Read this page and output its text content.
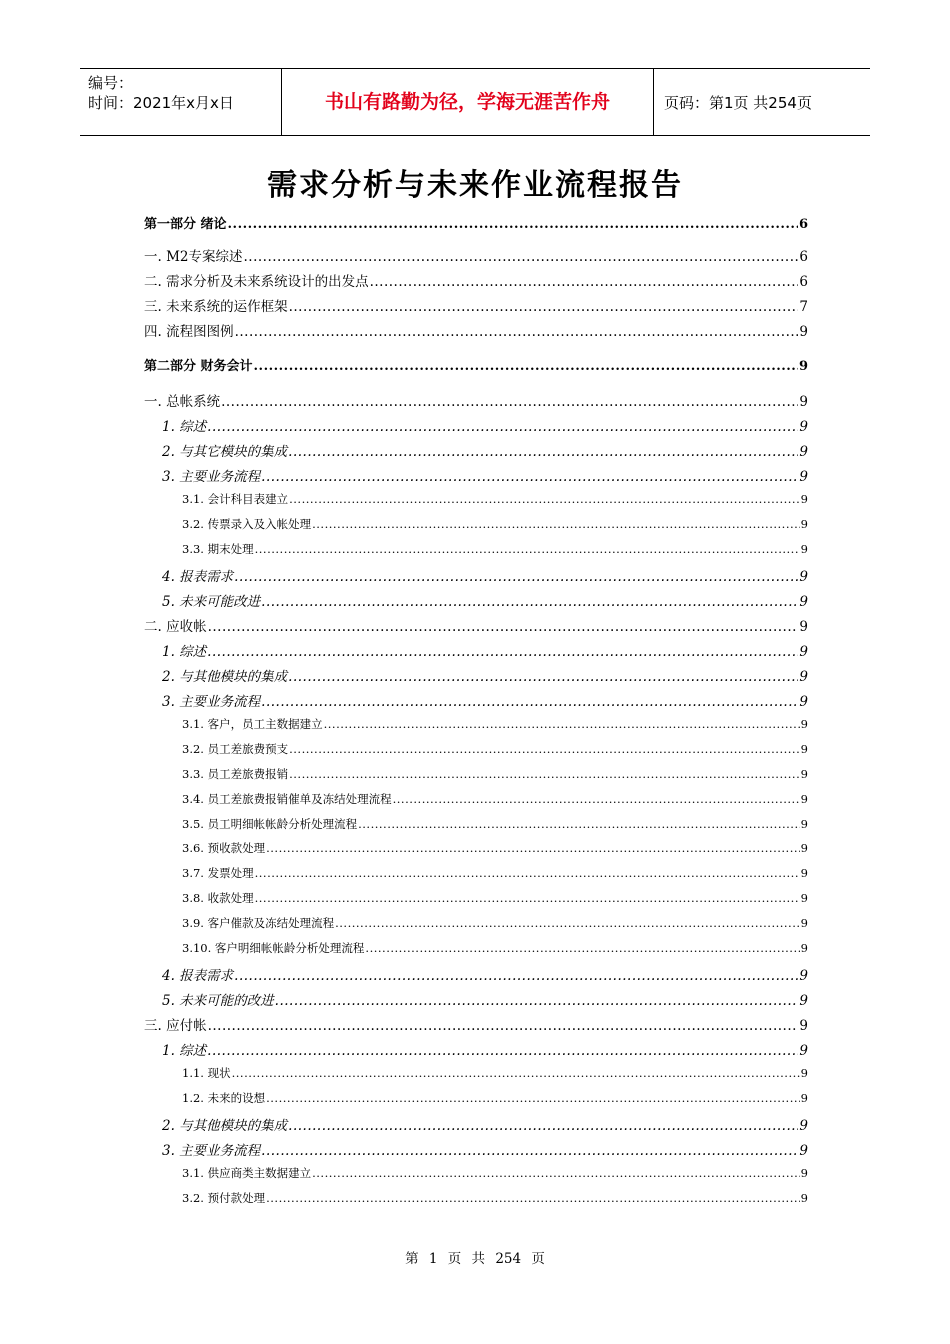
编号：
时间：2021年x月x日	书山有路勤为径，学海无涯苦作舟	页码：第1页 共254页
需求分析与未来作业流程报告
第一部分 绪论 .....	6
一. M2专案综述 .....	6
二. 需求分析及未来系统设计的出发点 .....	6
三. 未来系统的运作框架 .....	7
四. 流程图图例 .....	9
第二部分 财务会计 .....	9
一. 总帐系统 .....	9
1. 综述 .....	9
2. 与其它模块的集成 .....	9
3. 主要业务流程 .....	9
3.1. 会计科目表建立 .....	9
3.2. 传票录入及入帐处理 .....	9
3.3. 期末处理 .....	9
4. 报表需求 .....	9
5. 未来可能改进 .....	9
二. 应收帐 .....	9
1. 综述 .....	9
2. 与其他模块的集成 .....	9
3. 主要业务流程 .....	9
3.1. 客户，员工主数据建立 .....	9
3.2. 员工差旅费预支 .....	9
3.3. 员工差旅费报销 .....	9
3.4. 员工差旅费报销催单及冻结处理流程 .....	9
3.5. 员工明细帐帐龄分析处理流程 .....	9
3.6. 预收款处理 .....	9
3.7. 发票处理 .....	9
3.8. 收款处理 .....	9
3.9. 客户催款及冻结处理流程 .....	9
3.10. 客户明细帐帐龄分析处理流程 .....	9
4. 报表需求 .....	9
5. 未来可能的改进 .....	9
三. 应付帐 .....	9
1. 综述 .....	9
1.1. 现状 .....	9
1.2. 未来的设想 .....	9
2. 与其他模块的集成 .....	9
3. 主要业务流程 .....	9
3.1. 供应商类主数据建立 .....	9
3.2. 预付款处理 .....	9
第 1 页 共 254 页
